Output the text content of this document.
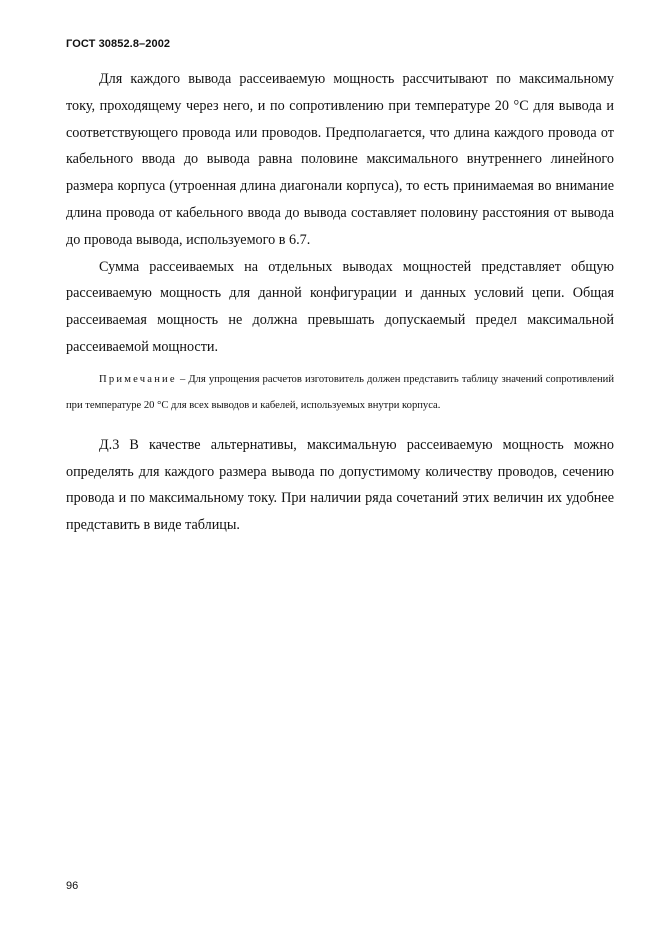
ГОСТ 30852.8–2002

Для каждого вывода рассеиваемую мощность рассчитывают по максимальному току, проходящему через него, и по сопротивлению при температуре 20 °С для вывода и соответствующего провода или проводов. Предполагается, что длина каждого провода от кабельного ввода до вывода равна половине максимального внутреннего линейного размера корпуса (утроенная длина диагонали корпуса), то есть принимаемая во внимание длина провода от кабельного ввода до вывода составляет половину расстояния от вывода до провода вывода, используемого в 6.7.

Сумма рассеиваемых на отдельных выводах мощностей представляет общую рассеиваемую мощность для данной конфигурации и данных условий цепи. Общая рассеиваемая мощность не должна превышать допускаемый предел максимальной рассеиваемой мощности.

Примечание – Для упрощения расчетов изготовитель должен представить таблицу значений сопротивлений при температуре 20 °С для всех выводов и кабелей, используемых внутри корпуса.

Д.3 В качестве альтернативы, максимальную рассеиваемую мощность можно определять для каждого размера вывода по допустимому количеству проводов, сечению провода и по максимальному току. При наличии ряда сочетаний этих величин их удобнее представить в виде таблицы.

96
